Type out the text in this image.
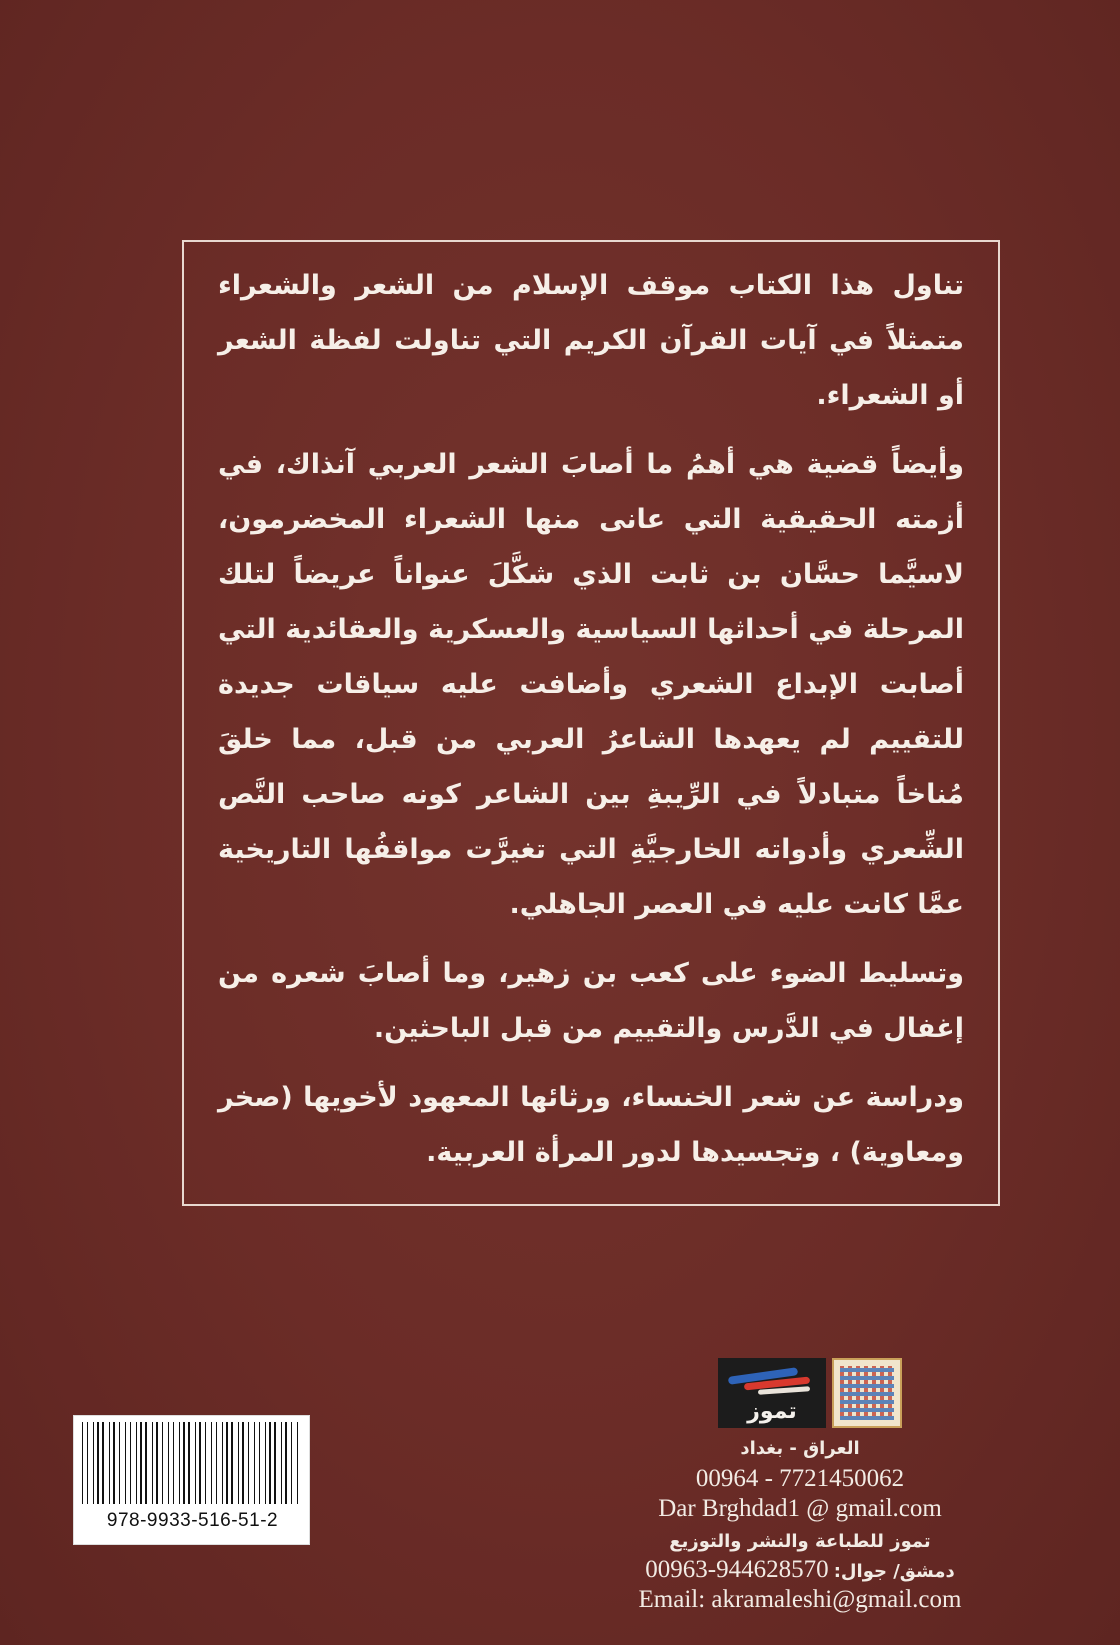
تناول هذا الكتاب موقف الإسلام من الشعر والشعراء متمثلاً في آيات القرآن الكريم التي تناولت لفظة الشعر أو الشعراء.

وأيضاً قضية هي أهمُ ما أصابَ الشعر العربي آنذاك، في أزمته الحقيقية التي عانى منها الشعراء المخضرمون، لاسيَّما حسَّان بن ثابت الذي شكَّلَ عنواناً عريضاً لتلك المرحلة في أحداثها السياسية والعسكرية والعقائدية التي أصابت الإبداع الشعري وأضافت عليه سياقات جديدة للتقييم لم يعهدها الشاعرُ العربي من قبل، مما خلقَ مُناخاً متبادلاً في الرِّيبةِ بين الشاعر كونه صاحب النَّص الشِّعري وأدواته الخارجيَّةِ التي تغيرَّت مواقفُها التاريخية عمَّا كانت عليه في العصر الجاهلي.

وتسليط الضوء على كعب بن زهير، وما أصابَ شعره من إغفال في الدَّرس والتقييم من قبل الباحثين.

ودراسة عن شعر الخنساء، ورثائها المعهود لأخويها (صخر ومعاوية) ، وتجسيدها لدور المرأة العربية.

تموز
978-9933-516-51-2
العراق - بغداد
00964 - 7721450062
Dar Brghdad1 @ gmail.com
تموز للطباعة والنشر والتوزيع
دمشق/ جوال: 00963-944628570
Email: akramaleshi@gmail.com
